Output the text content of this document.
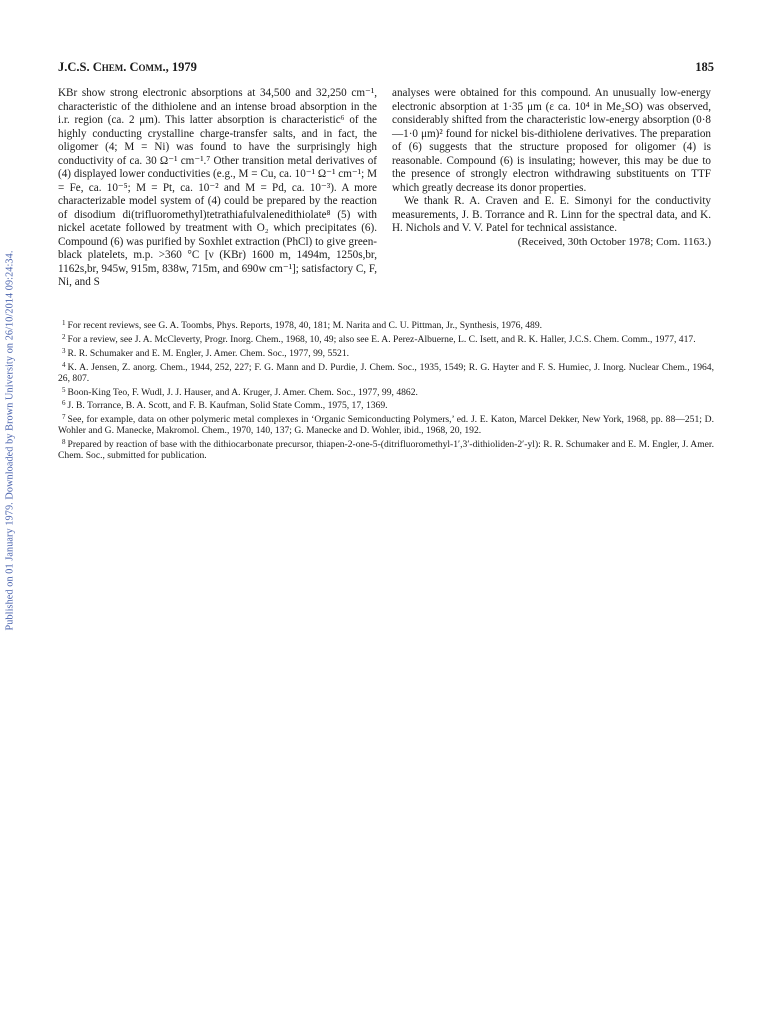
Published on 01 January 1979. Downloaded by Brown University on 26/10/2014 09:24:34.
J.C.S. Chem. Comm., 1979	185

KBr show strong electronic absorptions at 34,500 and 32,250 cm⁻¹, characteristic of the dithiolene and an intense broad absorption in the i.r. region (ca. 2 μm). This latter absorption is characteristic⁶ of the highly conducting crystalline charge-transfer salts, and in fact, the oligomer (4; M = Ni) was found to have the surprisingly high conductivity of ca. 30 Ω⁻¹ cm⁻¹.⁷ Other transition metal derivatives of (4) displayed lower conductivities (e.g., M = Cu, ca. 10⁻¹ Ω⁻¹ cm⁻¹; M = Fe, ca. 10⁻⁵; M = Pt, ca. 10⁻² and M = Pd, ca. 10⁻³). A more characterizable model system of (4) could be prepared by the reaction of disodium di(trifluoromethyl)tetrathiafulvalenedithiolate⁸ (5) with nickel acetate followed by treatment with O₂ which precipitates (6). Compound (6) was purified by Soxhlet extraction (PhCl) to give green-black platelets, m.p. >360 °C [ν (KBr) 1600 m, 1494m, 1250s,br, 1162s,br, 945w, 915m, 838w, 715m, and 690w cm⁻¹]; satisfactory C, F, Ni, and S

analyses were obtained for this compound. An unusually low-energy electronic absorption at 1·35 μm (ε ca. 10⁴ in Me₂SO) was observed, considerably shifted from the characteristic low-energy absorption (0·8—1·0 μm)² found for nickel bis-dithiolene derivatives. The preparation of (6) suggests that the structure proposed for oligomer (4) is reasonable. Compound (6) is insulating; however, this may be due to the presence of strongly electron withdrawing substituents on TTF which greatly decrease its donor properties.

We thank R. A. Craven and E. E. Simonyi for the conductivity measurements, J. B. Torrance and R. Linn for the spectral data, and K. H. Nichols and V. V. Patel for technical assistance.

(Received, 30th October 1978; Com. 1163.)

$^1$ For recent reviews, see G. A. Toombs, Phys. Reports, 1978, 40, 181; M. Narita and C. U. Pittman, Jr., Synthesis, 1976, 489.

$^2$ For a review, see J. A. McCleverty, Progr. Inorg. Chem., 1968, 10, 49; also see E. A. Perez-Albuerne, L. C. Isett, and R. K. Haller, J.C.S. Chem. Comm., 1977, 417.

$^3$ R. R. Schumaker and E. M. Engler, J. Amer. Chem. Soc., 1977, 99, 5521.

$^4$ K. A. Jensen, Z. anorg. Chem., 1944, 252, 227; F. G. Mann and D. Purdie, J. Chem. Soc., 1935, 1549; R. G. Hayter and F. S. Humiec, J. Inorg. Nuclear Chem., 1964, 26, 807.

$^5$ Boon-King Teo, F. Wudl, J. J. Hauser, and A. Kruger, J. Amer. Chem. Soc., 1977, 99, 4862.

$^6$ J. B. Torrance, B. A. Scott, and F. B. Kaufman, Solid State Comm., 1975, 17, 1369.

$^7$ See, for example, data on other polymeric metal complexes in ‘Organic Semiconducting Polymers,’ ed. J. E. Katon, Marcel Dekker, New York, 1968, pp. 88—251; D. Wohler and G. Manecke, Makromol. Chem., 1970, 140, 137; G. Manecke and D. Wohler, ibid., 1968, 20, 192.

$^8$ Prepared by reaction of base with the dithiocarbonate precursor, thiapen-2-one-5-(ditrifluoromethyl-1′,3′-dithioliden-2′-yl): R. R. Schumaker and E. M. Engler, J. Amer. Chem. Soc., submitted for publication.
